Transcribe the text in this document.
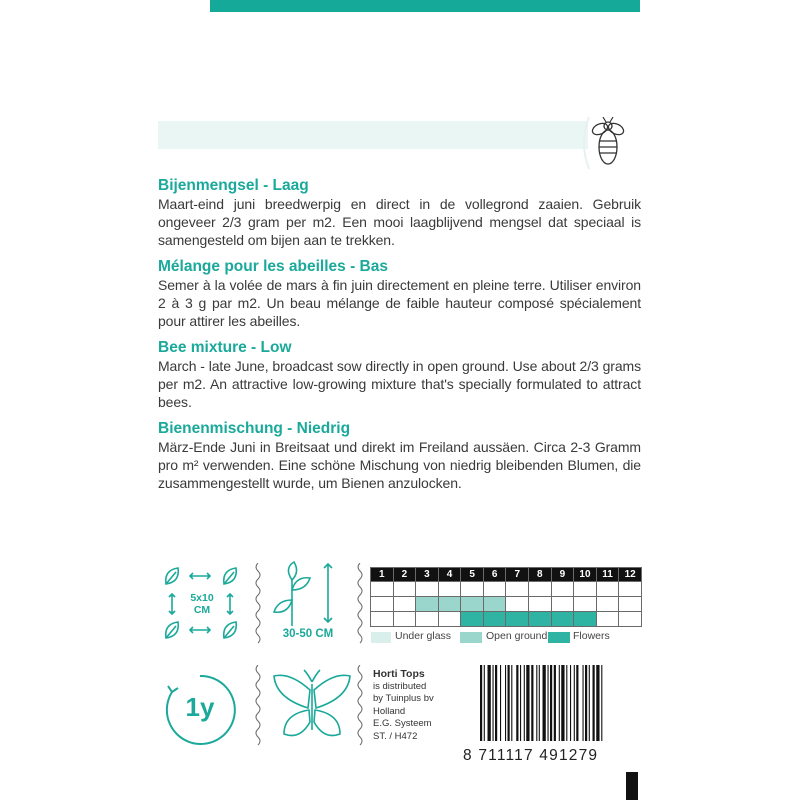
Bijenmengsel - Laag
Maart-eind juni breedwerpig en direct in de vollegrond zaaien. Gebruik ongeveer 2/3 gram per m2. Een mooi laagblijvend mengsel dat speciaal is samengesteld om bijen aan te trekken.
Mélange pour les abeilles - Bas
Semer à la volée de mars à fin juin directement en pleine terre. Utiliser environ 2 à 3 g par m2. Un beau mélange de faible hauteur composé spécialement pour attirer les abeilles.
Bee mixture - Low
March - late June, broadcast sow directly in open ground. Use about 2/3 grams per m2. An attractive low-growing mixture that's specially formulated to attract bees.
Bienenmischung - Niedrig
März-Ende Juni in Breitsaat und direkt im Freiland aussäen. Circa 2-3 Gramm pro m² verwenden. Eine schöne Mischung von niedrig bleibenden Blumen, die zusammengestellt wurde, um Bienen anzulocken.
5x10
CM
30-50 CM
1	2	3	4	5	6	7	8	9	10	11	12

Under glass	Open ground Flowers
1y
Horti Tops
is distributed
by Tuinplus bv
Holland
E.G. Systeem
ST. / H472
8 711117 491279
